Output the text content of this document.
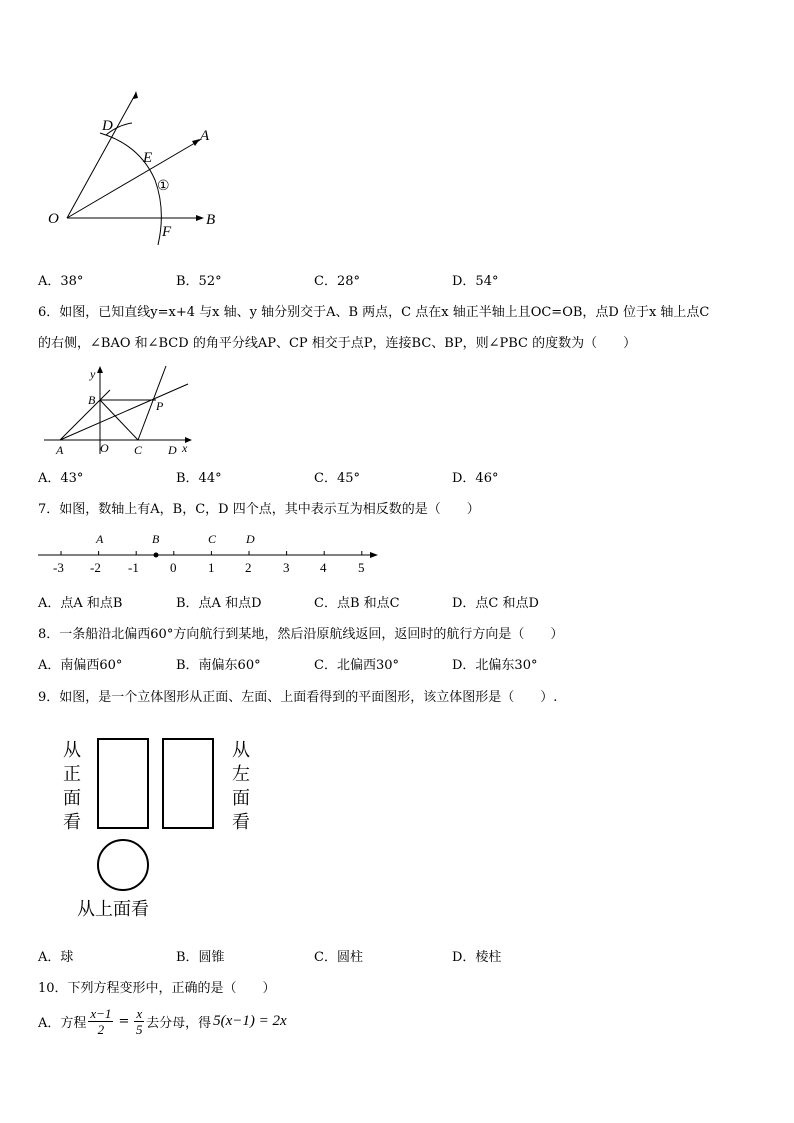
①
O
D
E
A
B
F
A．38°	B．52°	C．28°	D．54°
6．如图，已知直线y=x+4 与x 轴、y 轴分别交于A、B 两点，C 点在x 轴正半轴上且OC=OB，点D 位于x 轴上点C
的右侧，∠BAO 和∠BCD 的角平分线AP、CP 相交于点P，连接BC、BP，则∠PBC 的度数为（　　）
y
x
B	P
A	O C D
A．43°	B．44°	C．45°	D．46°
7．如图，数轴上有A，B，C，D 四个点，其中表示互为相反数的是（　　）
A	B	C D
-3 -2 -1 0 1 2 3 4 5
A．点A 和点B	B．点A 和点D	C．点B 和点C	D．点C 和点D
8．一条船沿北偏西60°方向航行到某地，然后沿原航线返回，返回时的航行方向是（　　）
A．南偏西60°	B．南偏东60°	C．北偏西30°	D．北偏东30°
9．如图，是一个立体图形从正面、左面、上面看得到的平面图形，该立体图形是（　　）.
从
正
面
看
从
左
面
看
从上面看
A．球	B．圆锥	C．圆柱	D．棱柱
10．下列方程变形中，正确的是（　　）
A．方程 $\frac{x-1}{2} = \frac{x}{5}$ 去分母，得 5(x−1) = 2x
